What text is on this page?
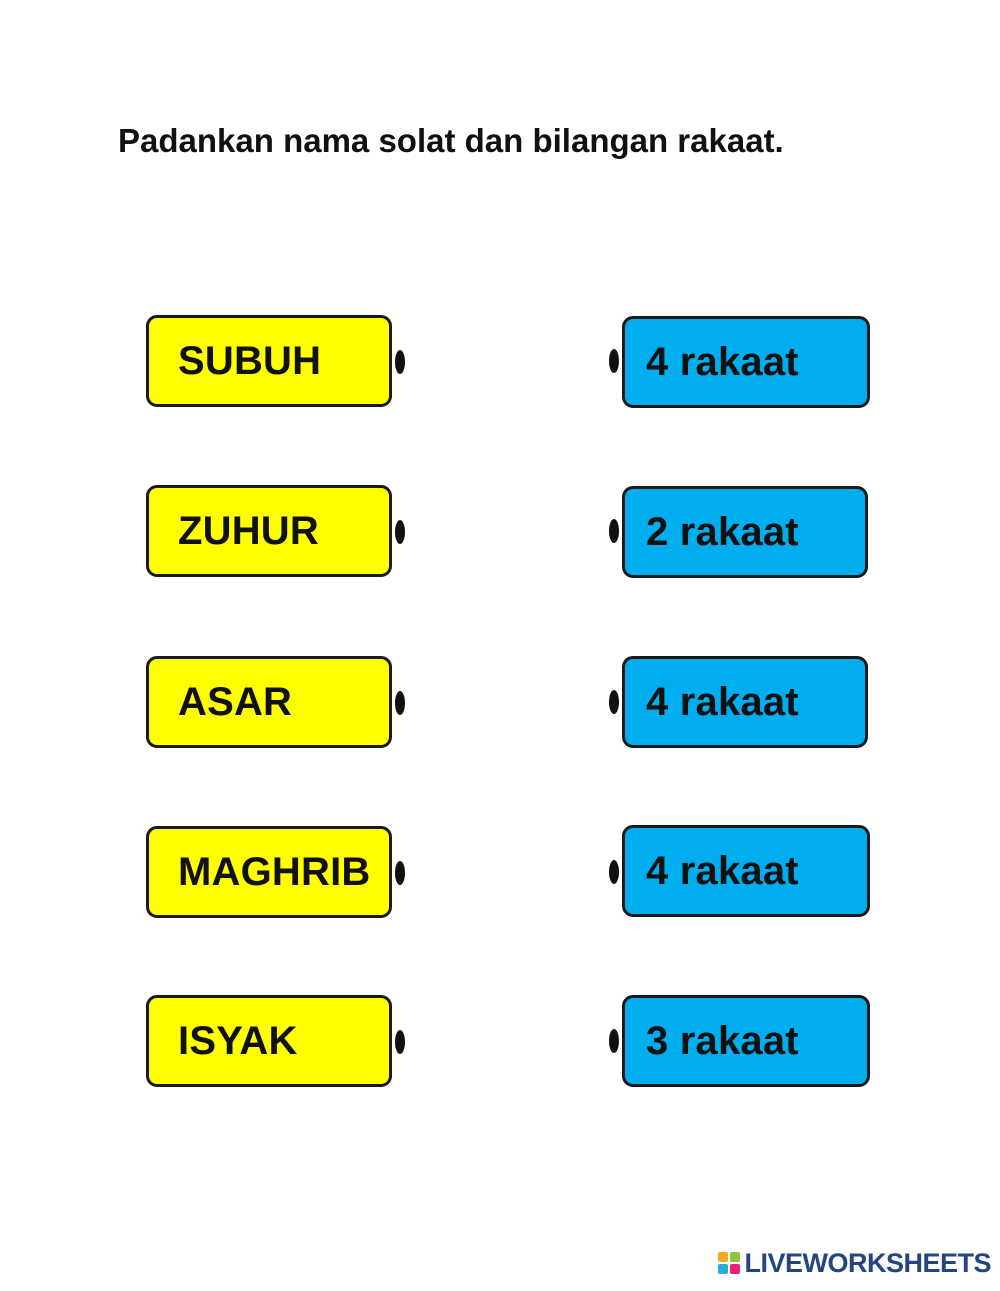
Padankan nama solat dan bilangan rakaat.
SUBUH
ZUHUR
ASAR
MAGHRIB
ISYAK
4 rakaat
2 rakaat
4 rakaat
4 rakaat
3 rakaat
LIVEWORKSHEETS
